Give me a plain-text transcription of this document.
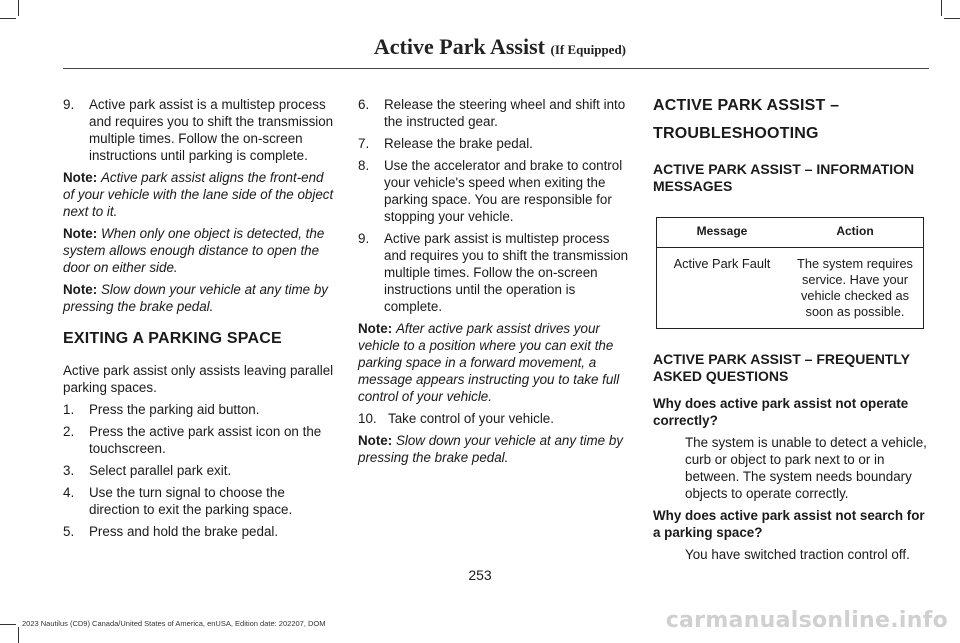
Active Park Assist (If Equipped)
9.	Active park assist is a multistep process and requires you to shift the transmission multiple times. Follow the on-screen instructions until parking is complete.

Note: Active park assist aligns the front-end of your vehicle with the lane side of the object next to it.

Note: When only one object is detected, the system allows enough distance to open the door on either side.

Note: Slow down your vehicle at any time by pressing the brake pedal.

EXITING A PARKING SPACE

Active park assist only assists leaving parallel parking spaces.

1.	Press the parking aid button.
2.	Press the active park assist icon on the touchscreen.
3.	Select parallel park exit.
4.	Use the turn signal to choose the direction to exit the parking space.
5.	Press and hold the brake pedal.
6.	Release the steering wheel and shift into the instructed gear.
7.	Release the brake pedal.
8.	Use the accelerator and brake to control your vehicle's speed when exiting the parking space. You are responsible for stopping your vehicle.
9.	Active park assist is multistep process and requires you to shift the transmission multiple times. Follow the on-screen instructions until the operation is complete.

Note: After active park assist drives your vehicle to a position where you can exit the parking space in a forward movement, a message appears instructing you to take full control of your vehicle.

10. Take control of your vehicle.

Note: Slow down your vehicle at any time by pressing the brake pedal.

ACTIVE PARK ASSIST –
TROUBLESHOOTING
ACTIVE PARK ASSIST – INFORMATION MESSAGES
Message	Action
Active Park Fault	The system requires service. Have your vehicle checked as soon as possible.
ACTIVE PARK ASSIST – FREQUENTLY ASKED QUESTIONS

Why does active park assist not operate correctly?

The system is unable to detect a vehicle, curb or object to park next to or in between. The system needs boundary objects to operate correctly.

Why does active park assist not search for a parking space?

You have switched traction control off.

253
2023 Nautilus (CD9) Canada/United States of America, enUSA, Edition date: 202207, DOM	carmanualsonline.info
